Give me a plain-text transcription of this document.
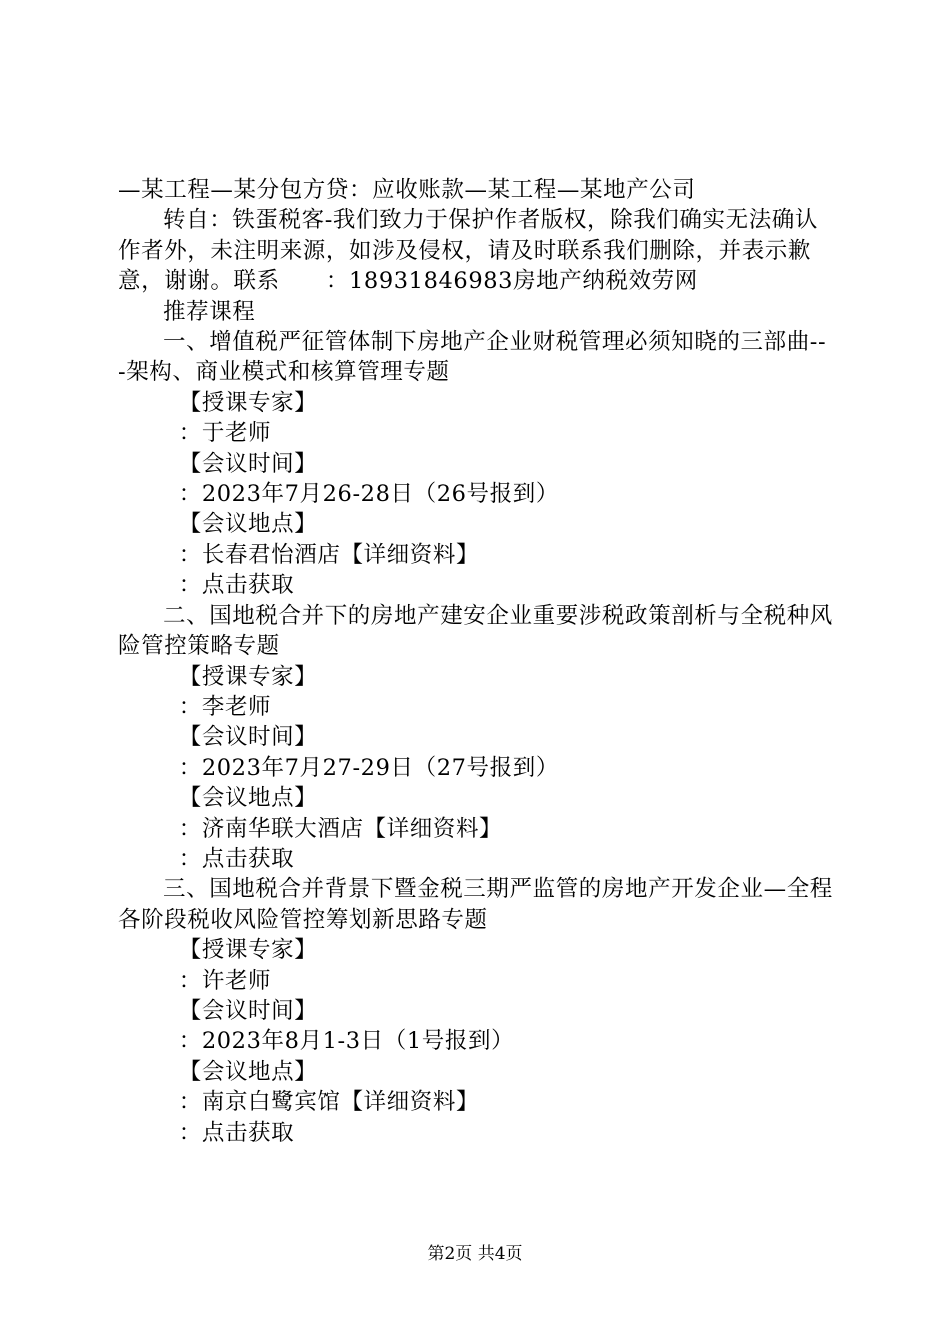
—某工程—某分包方贷：应收账款—某工程—某地产公司

转自：铁蛋税客-我们致力于保护作者版权，除我们确实无法确认作者外，未注明来源，如涉及侵权，请及时联系我们删除，并表示歉意，谢谢。联系　　：18931846983房地产纳税效劳网

推荐课程

一、增值税严征管体制下房地产企业财税管理必须知晓的三部曲---架构、商业模式和核算管理专题

【授课专家】

：于老师

【会议时间】

：2023年7月26-28日（26号报到）

【会议地点】

：长春君怡酒店【详细资料】

：点击获取

二、国地税合并下的房地产建安企业重要涉税政策剖析与全税种风险管控策略专题

【授课专家】

：李老师

【会议时间】

：2023年7月27-29日（27号报到）

【会议地点】

：济南华联大酒店【详细资料】

：点击获取

三、国地税合并背景下暨金税三期严监管的房地产开发企业—全程各阶段税收风险管控筹划新思路专题

【授课专家】

：许老师

【会议时间】

：2023年8月1-3日（1号报到）

【会议地点】

：南京白鹭宾馆【详细资料】

：点击获取

第2页 共4页
